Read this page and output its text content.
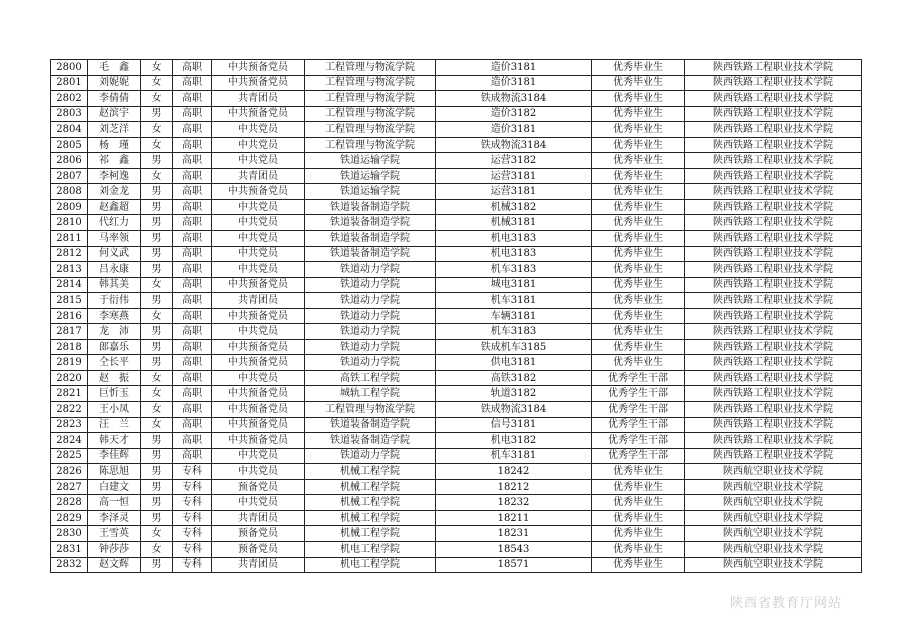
2800	毛　鑫	女	高职	中共预备党员	工程管理与物流学院	造价3181	优秀毕业生	陕西铁路工程职业技术学院
2801	刘妮妮	女	高职	中共预备党员	工程管理与物流学院	造价3181	优秀毕业生	陕西铁路工程职业技术学院
2802	李倩倩	女	高职	共青团员	工程管理与物流学院	铁成物流3184	优秀毕业生	陕西铁路工程职业技术学院
2803	赵滨宇	男	高职	中共预备党员	工程管理与物流学院	造价3182	优秀毕业生	陕西铁路工程职业技术学院
2804	刘芝洋	女	高职	中共党员	工程管理与物流学院	造价3181	优秀毕业生	陕西铁路工程职业技术学院
2805	杨　瑾	女	高职	中共党员	工程管理与物流学院	铁成物流3184	优秀毕业生	陕西铁路工程职业技术学院
2806	祁　鑫	男	高职	中共党员	铁道运输学院	运营3182	优秀毕业生	陕西铁路工程职业技术学院
2807	李柯逸	女	高职	共青团员	铁道运输学院	运营3181	优秀毕业生	陕西铁路工程职业技术学院
2808	刘金龙	男	高职	中共预备党员	铁道运输学院	运营3181	优秀毕业生	陕西铁路工程职业技术学院
2809	赵鑫超	男	高职	中共党员	铁道装备制造学院	机械3182	优秀毕业生	陕西铁路工程职业技术学院
2810	代红力	男	高职	中共党员	铁道装备制造学院	机械3181	优秀毕业生	陕西铁路工程职业技术学院
2811	马率领	男	高职	中共党员	铁道装备制造学院	机电3183	优秀毕业生	陕西铁路工程职业技术学院
2812	何义武	男	高职	中共党员	铁道装备制造学院	机电3183	优秀毕业生	陕西铁路工程职业技术学院
2813	吕永康	男	高职	中共党员	铁道动力学院	机车3183	优秀毕业生	陕西铁路工程职业技术学院
2814	韩其美	女	高职	中共预备党员	铁道动力学院	城电3181	优秀毕业生	陕西铁路工程职业技术学院
2815	于衍伟	男	高职	共青团员	铁道动力学院	机车3181	优秀毕业生	陕西铁路工程职业技术学院
2816	李寒燕	女	高职	中共预备党员	铁道动力学院	车辆3181	优秀毕业生	陕西铁路工程职业技术学院
2817	龙　沛	男	高职	中共党员	铁道动力学院	机车3183	优秀毕业生	陕西铁路工程职业技术学院
2818	郎嘉乐	男	高职	中共预备党员	铁道动力学院	铁成机车3185	优秀毕业生	陕西铁路工程职业技术学院
2819	仝长平	男	高职	中共预备党员	铁道动力学院	供电3181	优秀毕业生	陕西铁路工程职业技术学院
2820	赵　振	女	高职	中共党员	高铁工程学院	高铁3182	优秀学生干部	陕西铁路工程职业技术学院
2821	巨忻玉	女	高职	中共预备党员	城轨工程学院	轨道3182	优秀学生干部	陕西铁路工程职业技术学院
2822	王小凤	女	高职	中共预备党员	工程管理与物流学院	铁成物流3184	优秀学生干部	陕西铁路工程职业技术学院
2823	汪　兰	女	高职	中共预备党员	铁道装备制造学院	信号3181	优秀学生干部	陕西铁路工程职业技术学院
2824	韩天才	男	高职	中共预备党员	铁道装备制造学院	机电3182	优秀学生干部	陕西铁路工程职业技术学院
2825	李佳辉	男	高职	中共党员	铁道动力学院	机车3181	优秀学生干部	陕西铁路工程职业技术学院
2826	陈思旭	男	专科	中共党员	机械工程学院	18242	优秀毕业生	陕西航空职业技术学院
2827	白建文	男	专科	预备党员	机械工程学院	18212	优秀毕业生	陕西航空职业技术学院
2828	高一恒	男	专科	中共党员	机械工程学院	18232	优秀毕业生	陕西航空职业技术学院
2829	李泽灵	男	专科	共青团员	机械工程学院	18211	优秀毕业生	陕西航空职业技术学院
2830	王雪英	女	专科	预备党员	机械工程学院	18231	优秀毕业生	陕西航空职业技术学院
2831	钟莎莎	女	专科	预备党员	机电工程学院	18543	优秀毕业生	陕西航空职业技术学院
2832	赵文辉	男	专科	共青团员	机电工程学院	18571	优秀毕业生	陕西航空职业技术学院
陕西省教育厅网站
